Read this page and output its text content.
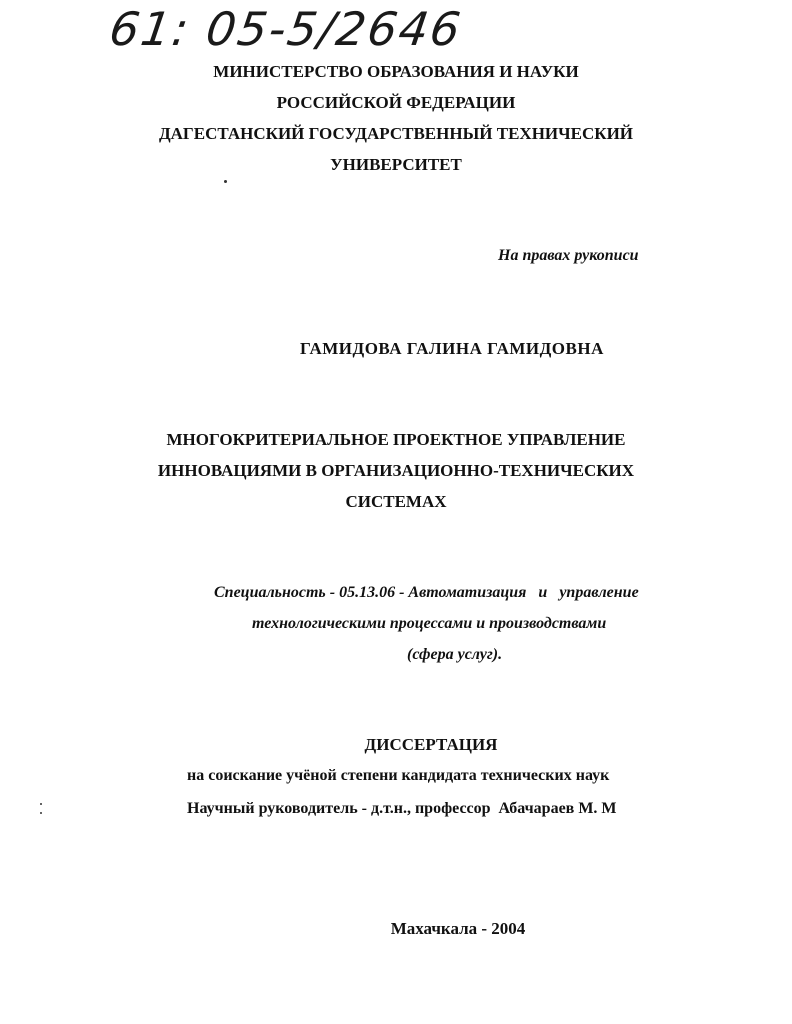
61: 05-5/2646

МИНИСТЕРСТВО ОБРАЗОВАНИЯ И НАУКИ

РОССИЙСКОЙ ФЕДЕРАЦИИ

ДАГЕСТАНСКИЙ ГОСУДАРСТВЕННЫЙ ТЕХНИЧЕСКИЙ

УНИВЕРСИТЕТ

На правах рукописи

ГАМИДОВА ГАЛИНА ГАМИДОВНА

МНОГОКРИТЕРИАЛЬНОЕ ПРОЕКТНОЕ УПРАВЛЕНИЕ

ИННОВАЦИЯМИ В ОРГАНИЗАЦИОННО-ТЕХНИЧЕСКИХ

СИСТЕМАХ

Специальность - 05.13.06 - Автоматизация   и   управление

технологическими процессами и производствами

(сфера услуг).

ДИССЕРТАЦИЯ

на соискание учёной степени кандидата технических наук

Научный руководитель - д.т.н., профессор  Абачараев М. М

Махачкала - 2004
